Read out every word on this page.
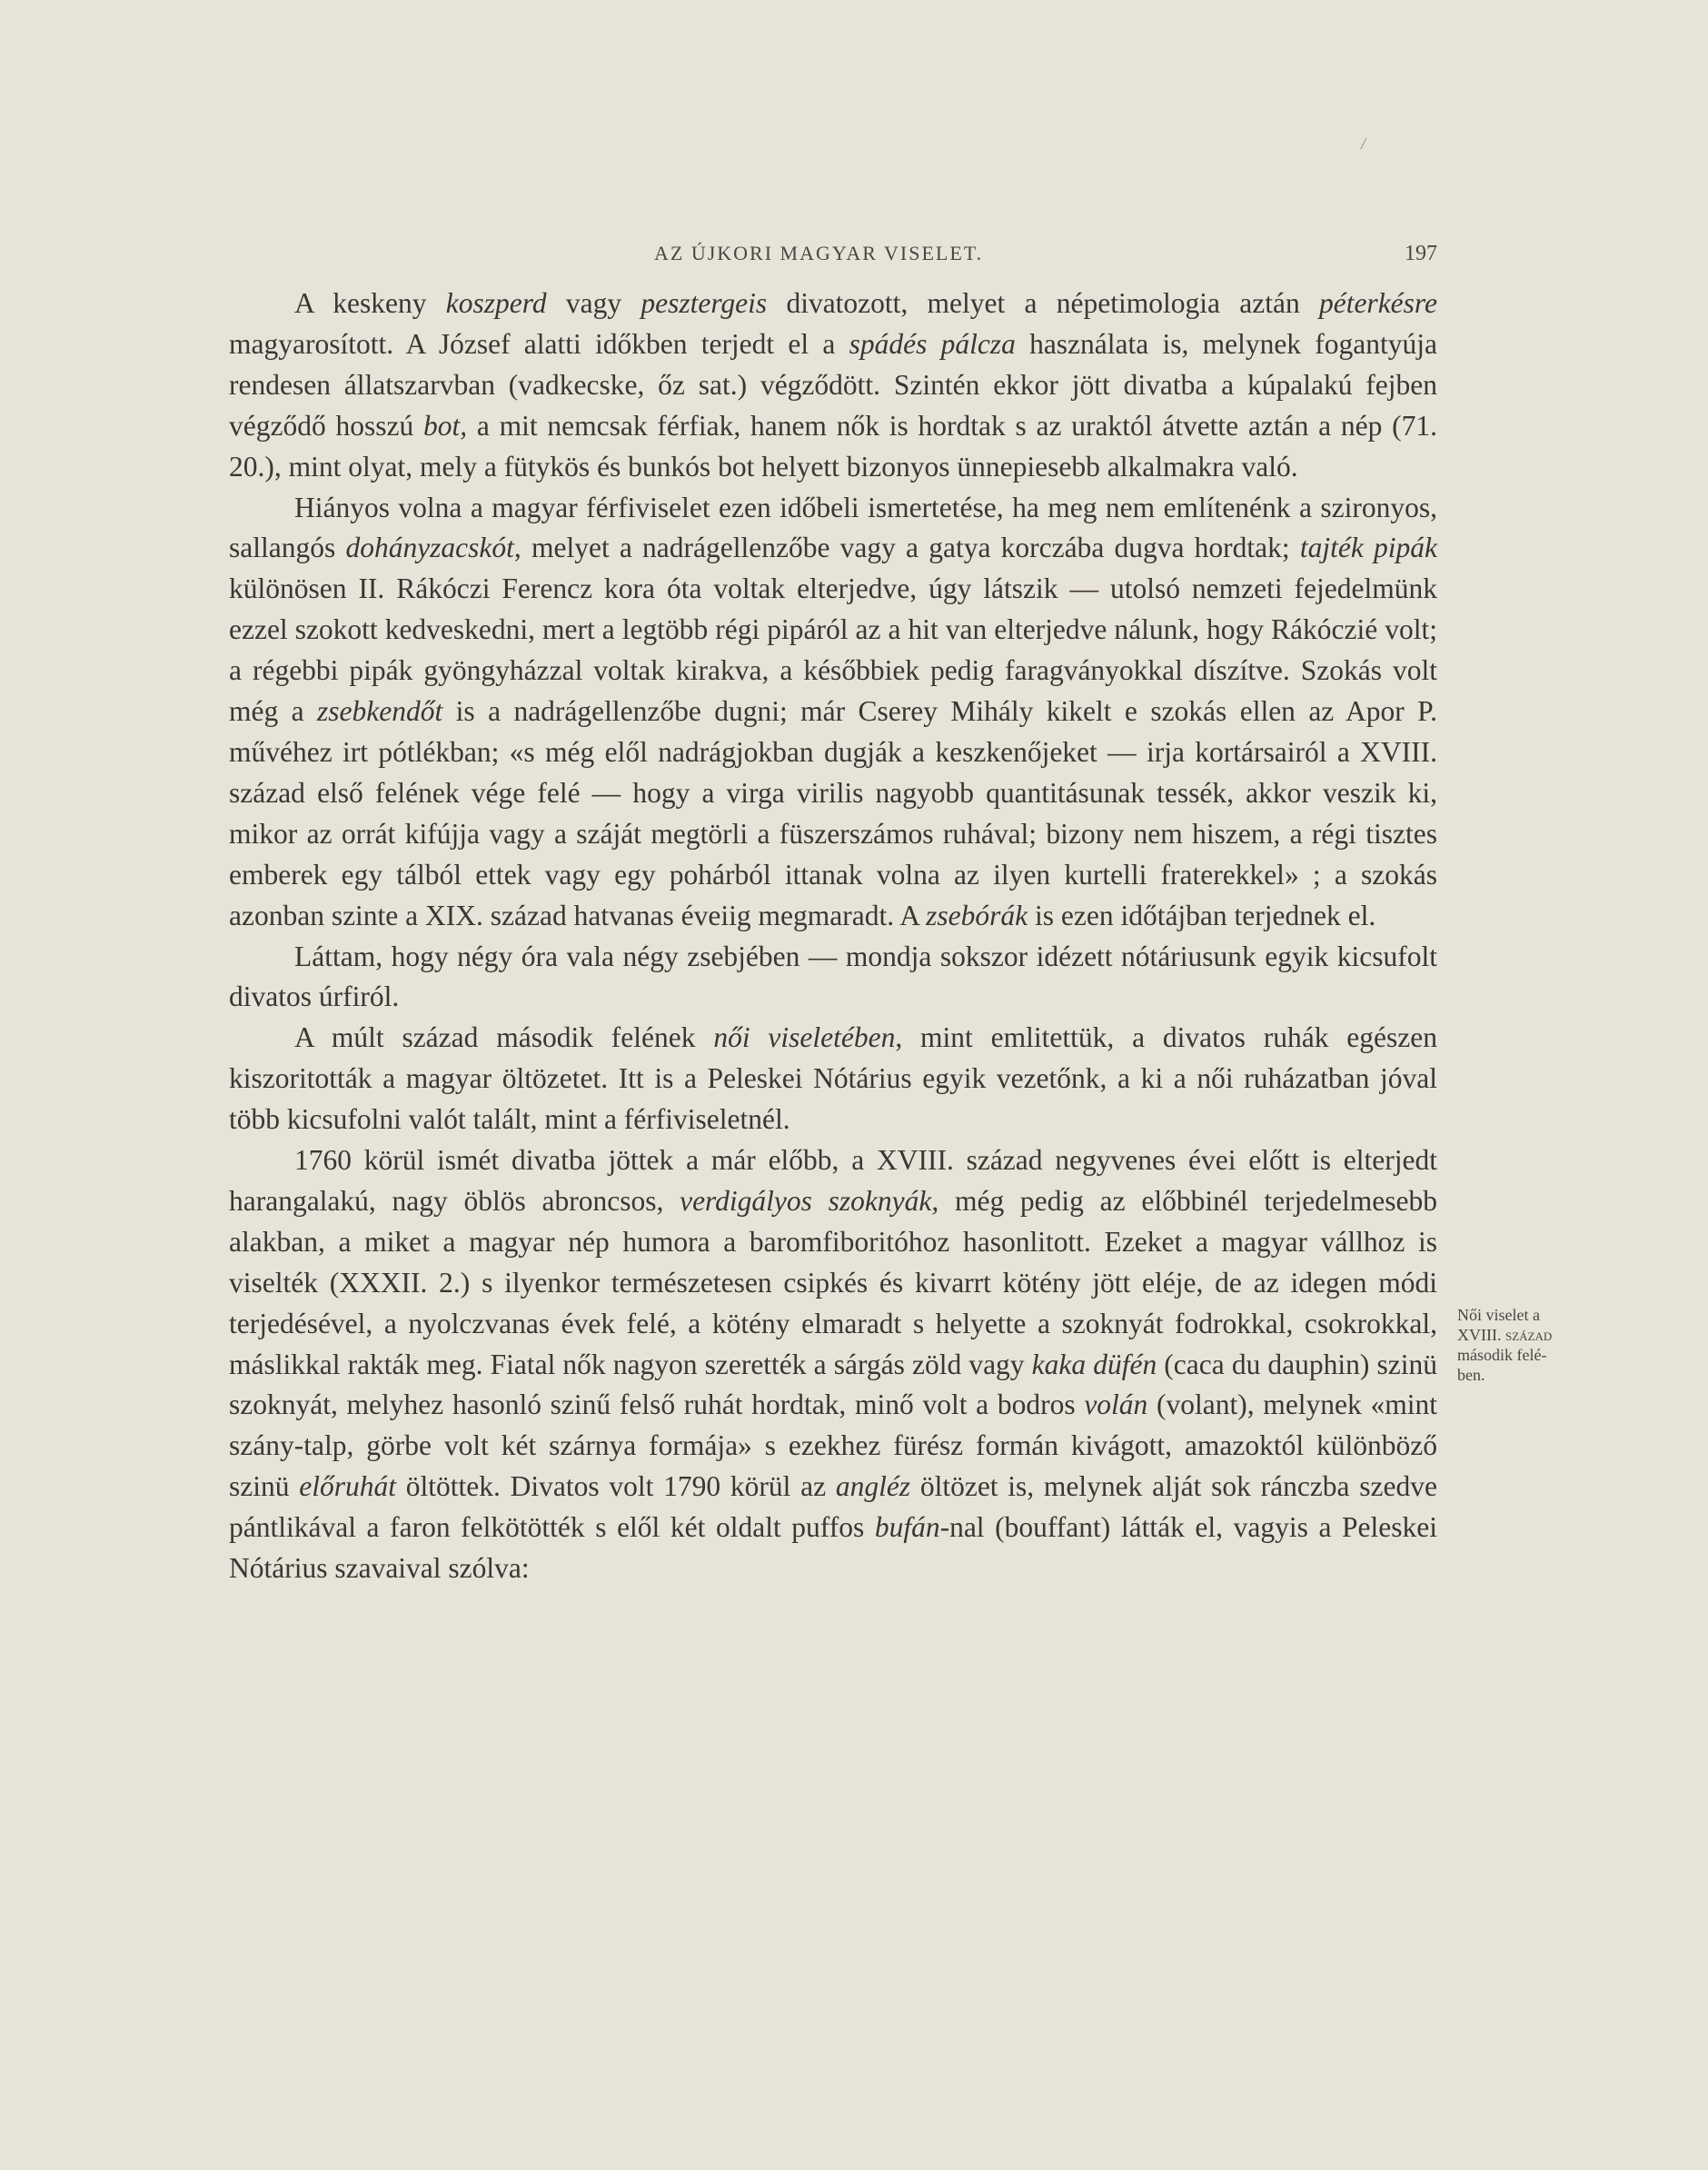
/
AZ ÚJKORI MAGYAR VISELET.	197

A keskeny koszperd vagy pesztergeis divatozott, melyet a népetimologia aztán péterkésre magyarosított. A József alatti időkben terjedt el a spádés pálcza használata is, melynek fogantyúja rendesen állatszarvban (vadkecske, őz sat.) végződött. Szintén ekkor jött divatba a kúpalakú fejben végződő hosszú bot, a mit nemcsak férfiak, hanem nők is hordtak s az uraktól átvette aztán a nép (71. 20.), mint olyat, mely a fütykös és bunkós bot helyett bizonyos ünnepiesebb alkalmakra való.

Hiányos volna a magyar férfiviselet ezen időbeli ismertetése, ha meg nem említenénk a szironyos, sallangós dohányzacskót, melyet a nadrágellenzőbe vagy a gatya korczába dugva hordtak; tajték pipák különösen II. Rákóczi Ferencz kora óta voltak elterjedve, úgy látszik — utolsó nemzeti fejedelmünk ezzel szokott kedveskedni, mert a legtöbb régi pipáról az a hit van elterjedve nálunk, hogy Rákóczié volt; a régebbi pipák gyöngyházzal voltak kirakva, a későbbiek pedig faragványokkal díszítve. Szokás volt még a zsebkendőt is a nadrágellenzőbe dugni; már Cserey Mihály kikelt e szokás ellen az Apor P. művéhez irt pótlékban; «s még elől nadrágjokban dugják a keszkenőjeket — irja kortársairól a XVIII. század első felének vége felé — hogy a virga virilis nagyobb quantitásunak tessék, akkor veszik ki, mikor az orrát kifújja vagy a száját megtörli a füszerszámos ruhával; bizony nem hiszem, a régi tisztes emberek egy tálból ettek vagy egy pohárból ittanak volna az ilyen kurtelli fraterekkel» ; a szokás azonban szinte a XIX. század hatvanas éveiig megmaradt. A zsebórák is ezen időtájban terjednek el.

Láttam, hogy négy óra vala négy zsebjében — mondja sokszor idézett nótáriusunk egyik kicsufolt divatos úrfiról.

A múlt század második felének női viseletében, mint emlitettük, a divatos ruhák egészen kiszoritották a magyar öltözetet. Itt is a Peleskei Nótárius egyik vezetőnk, a ki a női ruházatban jóval több kicsufolni valót talált, mint a férfiviseletnél.

1760 körül ismét divatba jöttek a már előbb, a XVIII. század negyvenes évei előtt is elterjedt harangalakú, nagy öblös abroncsos, verdigályos szoknyák, még pedig az előbbinél terjedelmesebb alakban, a miket a magyar nép humora a baromfiboritóhoz hasonlitott. Ezeket a magyar vállhoz is viselték (XXXII. 2.) s ilyenkor természetesen csipkés és kivarrt kötény jött eléje, de az idegen módi terjedésével, a nyolczvanas évek felé, a kötény elmaradt s helyette a szoknyát fodrokkal, csokrokkal, máslikkal rakták meg. Fiatal nők nagyon szerették a sárgás zöld vagy kaka düfén (caca du dauphin) szinü szoknyát, melyhez hasonló szinű felső ruhát hordtak, minő volt a bodros volán (volant), melynek «mint szány-talp, görbe volt két szárnya formája» s ezekhez fürész formán kivágott, amazoktól különböző szinü előruhát öltöttek. Divatos volt 1790 körül az angléz öltözet is, melynek alját sok ránczba szedve pántlikával a faron felkötötték s elől két oldalt puffos bufán-nal (bouffant) látták el, vagyis a Peleskei Nótárius szavaival szólva:

Női viselet a
XVIII. század
második felé-
ben.
